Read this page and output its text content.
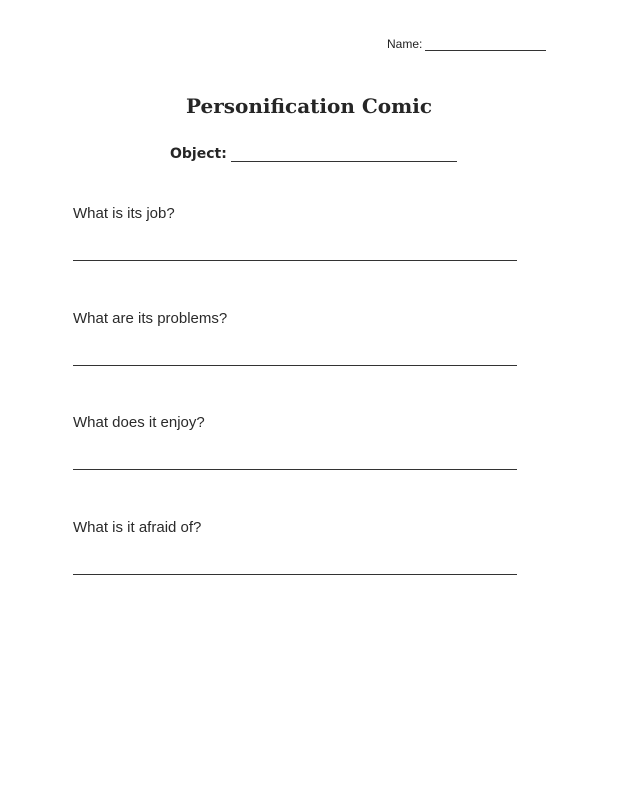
Name:
Personification Comic
Object:
What is its job?
What are its problems?
What does it enjoy?
What is it afraid of?
